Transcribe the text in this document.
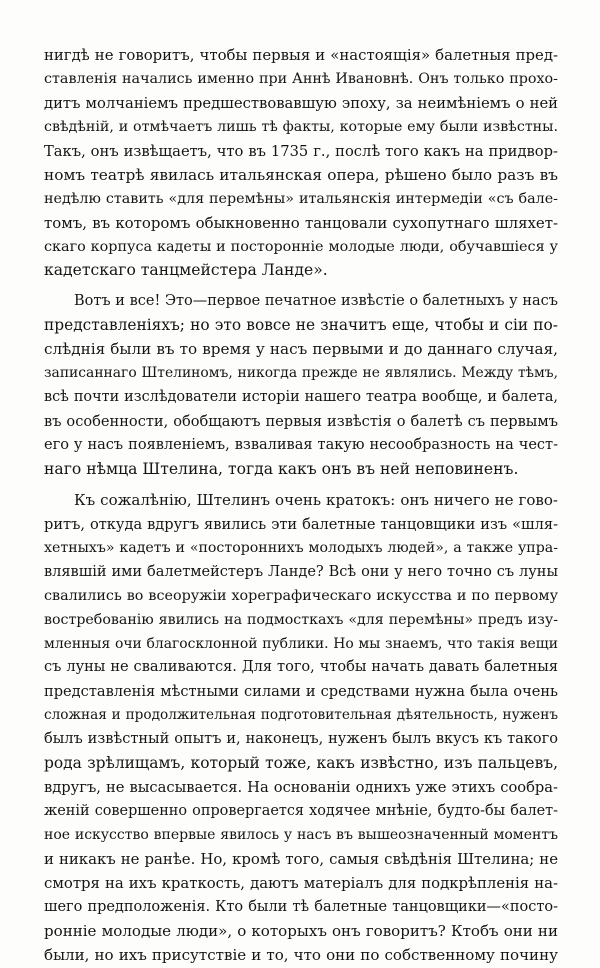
нигдѣ не говоритъ, чтобы первыя и «настоящія» балетныя пред-
ставленія начались именно при Аннѣ Ивановнѣ. Онъ только прохо-
дитъ молчаніемъ предшествовавшую эпоху, за неимѣніемъ о ней
свѣдѣній, и отмѣчаетъ лишь тѣ факты, которые ему были извѣстны.
Такъ, онъ извѣщаетъ, что въ 1735 г., послѣ того какъ на придвор-
номъ театрѣ явилась итальянская опера, рѣшено было разъ въ
недѣлю ставить «для перемѣны» итальянскія интермедіи «съ бале-
томъ, въ которомъ обыкновенно танцовали сухопутнаго шляхет-
скаго корпуса кадеты и посторонніе молодые люди, обучавшіеся у
кадетскаго танцмейстера Ланде».
Вотъ и все! Это—первое печатное извѣстіе о балетныхъ у насъ
представленіяхъ; но это вовсе не значитъ еще, чтобы и сіи по-
слѣднія были въ то время у насъ первыми и до даннаго случая,
записаннаго Штелиномъ, никогда прежде не являлись. Между тѣмъ,
всѣ почти изслѣдователи исторіи нашего театра вообще, и балета,
въ особенности, обобщаютъ первыя извѣстія о балетѣ съ первымъ
его у насъ появленіемъ, взваливая такую несообразность на чест-
наго нѣмца Штелина, тогда какъ онъ въ ней неповиненъ.
Къ сожалѣнію, Штелинъ очень кратокъ: онъ ничего не гово-
ритъ, откуда вдругъ явились эти балетные танцовщики изъ «шля-
хетныхъ» кадетъ и «постороннихъ молодыхъ людей», а также упра-
влявшій ими балетмейстеръ Ланде? Всѣ они у него точно съ луны
свалились во всеоружіи хореграфическаго искусства и по первому
востребованію явились на подмосткахъ «для перемѣны» предъ изу-
мленныя очи благосклонной публики. Но мы знаемъ, что такія вещи
съ луны не сваливаются. Для того, чтобы начать давать балетныя
представленія мѣстными силами и средствами нужна была очень
сложная и продолжительная подготовительная дѣятельность, нуженъ
былъ извѣстный опытъ и, наконецъ, нуженъ былъ вкусъ къ такого
рода зрѣлищамъ, который тоже, какъ извѣстно, изъ пальцевъ,
вдругъ, не высасывается. На основаніи однихъ уже этихъ сообра-
женій совершенно опровергается ходячее мнѣніе, будто-бы балет-
ное искусство впервые явилось у насъ въ вышеозначенный моментъ
и никакъ не ранѣе. Но, кромѣ того, самыя свѣдѣнія Штелина; не
смотря на ихъ краткость, даютъ матеріалъ для подкрѣпленія на-
шего предположенія. Кто были тѣ балетные танцовщики—«посто-
ронніе молодые люди», о которыхъ онъ говоритъ? Ктобъ они ни
были, но ихъ присутствіе и то, что они по собственному почину
